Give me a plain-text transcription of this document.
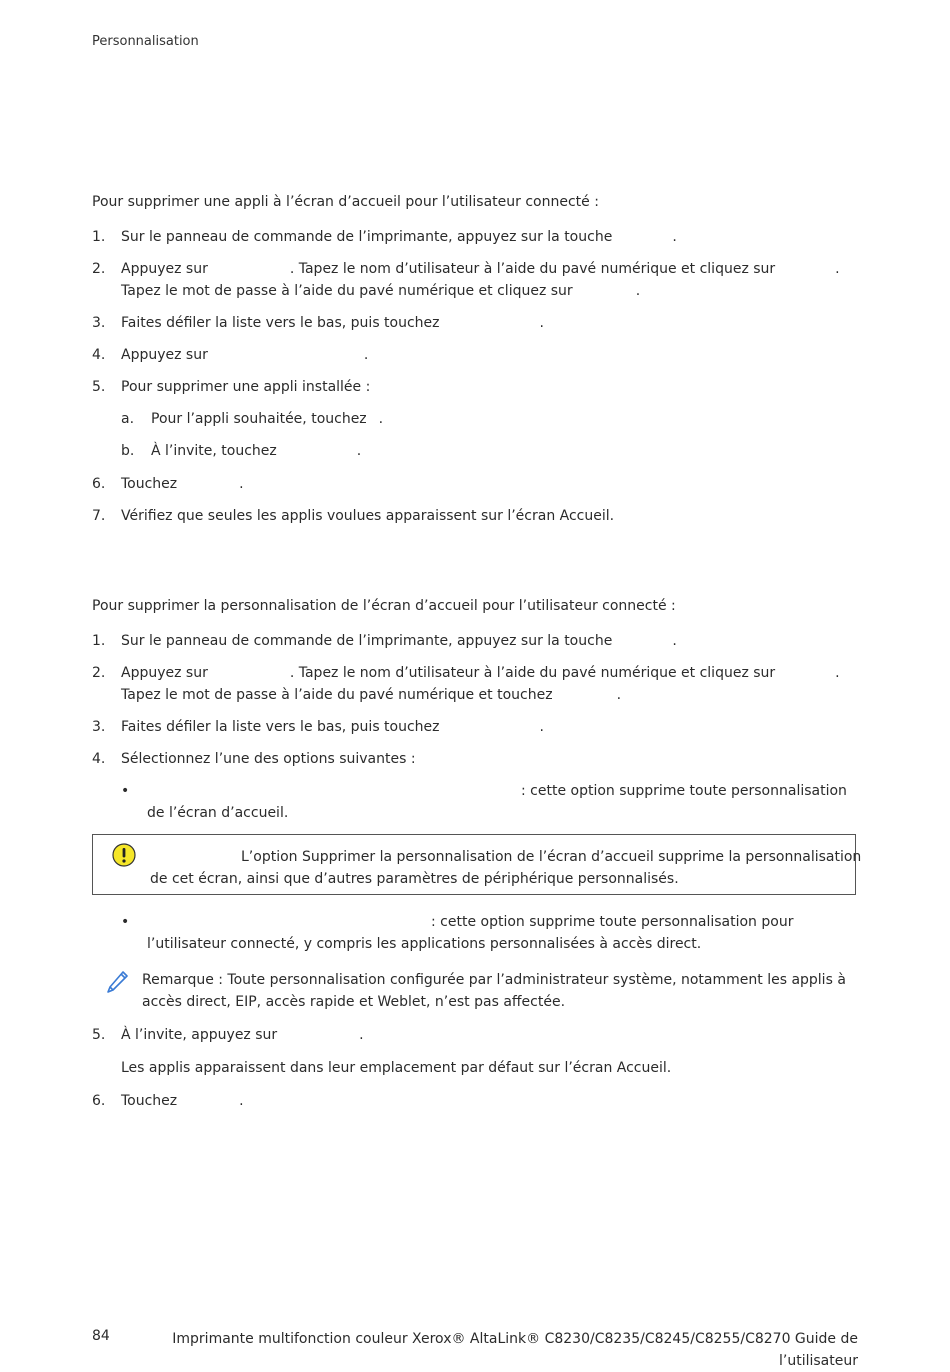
Personnalisation
Pour supprimer une appli à l’écran d’accueil pour l’utilisateur connecté :
1. Sur le panneau de commande de l’imprimante, appuyez sur la touche	.
2. Appuyez sur	. Tapez le nom d’utilisateur à l’aide du pavé numérique et cliquez sur	.
Tapez le mot de passe à l’aide du pavé numérique et cliquez sur	.
3. Faites défiler la liste vers le bas, puis touchez	.
4. Appuyez sur	.
5. Pour supprimer une appli installée :
a. Pour l’appli souhaitée, touchez .
b. À l’invite, touchez	.
6. Touchez	.
7. Vérifiez que seules les applis voulues apparaissent sur l’écran Accueil.
Pour supprimer la personnalisation de l’écran d’accueil pour l’utilisateur connecté :
1. Sur le panneau de commande de l’imprimante, appuyez sur la touche	.
2. Appuyez sur	. Tapez le nom d’utilisateur à l’aide du pavé numérique et cliquez sur	.
Tapez le mot de passe à l’aide du pavé numérique et touchez	.
3. Faites défiler la liste vers le bas, puis touchez	.
4. Sélectionnez l’une des options suivantes :
•	: cette option supprime toute personnalisation
de l’écran d’accueil.
L’option Supprimer la personnalisation de l’écran d’accueil supprime la personnalisation
de cet écran, ainsi que d’autres paramètres de périphérique personnalisés.
•	: cette option supprime toute personnalisation pour
l’utilisateur connecté, y compris les applications personnalisées à accès direct.
Remarque : Toute personnalisation configurée par l’administrateur système, notamment les applis à
accès direct, EIP, accès rapide et Weblet, n’est pas affectée.
5. À l’invite, appuyez sur	.
Les applis apparaissent dans leur emplacement par défaut sur l’écran Accueil.
6. Touchez	.
84	Imprimante multifonction couleur Xerox® AltaLink® C8230/C8235/C8245/C8255/C8270 Guide de l’utilisateur
